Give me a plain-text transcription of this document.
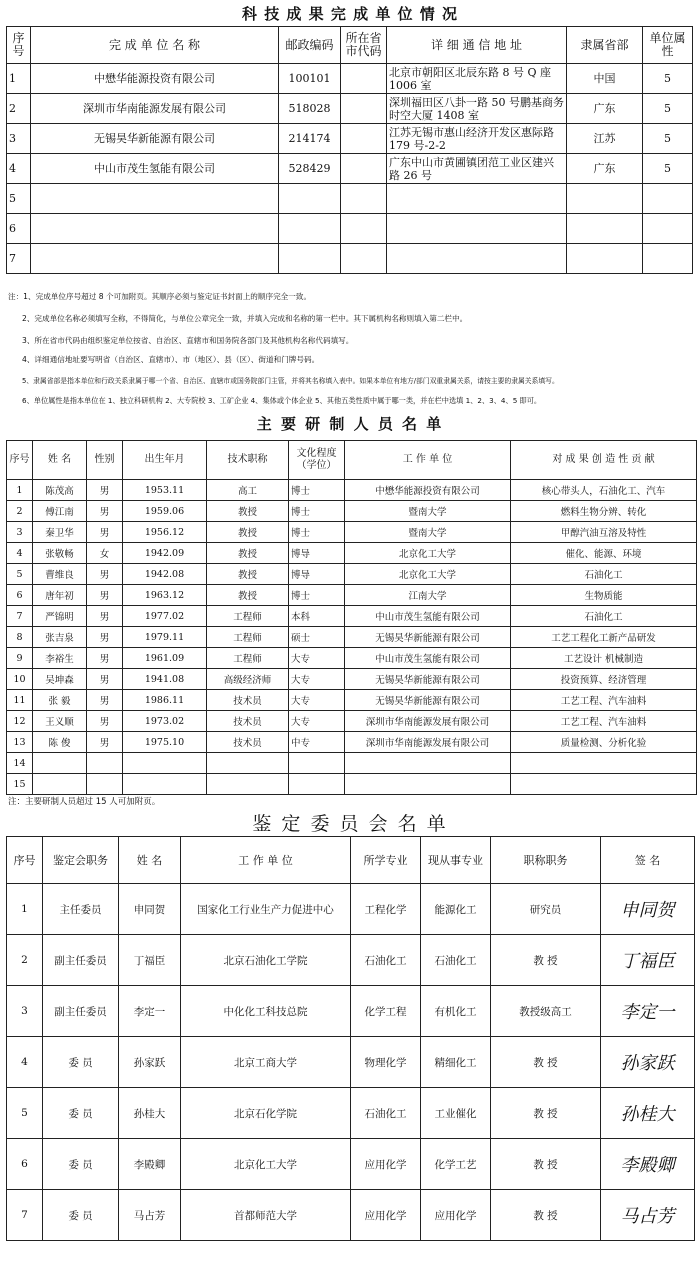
科 技 成 果 完 成 单 位 情 况
序号	完 成 单 位 名 称	邮政编码	所在省市代码	详 细 通 信 地 址	隶属省部	单位属性
1	中懋华能源投资有限公司	100101		北京市朝阳区北辰东路 8 号 Q 座 1006 室	中国	5
2	深圳市华南能源发展有限公司	518028		深圳福田区八卦一路 50 号鹏基商务时空大厦 1408 室	广东	5
3	无锡昊华新能源有限公司	214174		江苏无锡市惠山经济开发区惠际路 179 号-2-2	江苏	5
4	中山市茂生氢能有限公司	528429		广东中山市黄圃镇团范工业区建兴路 26 号	广东	5
5						
6						
7						
注：1、完成单位序号超过 8 个可加附页。其顺序必须与鉴定证书封面上的顺序完全一致。
2、完成单位名称必须填写全称，不得简化，与单位公章完全一致，并填入完成和名称的第一栏中。其下属机构名称则填入第二栏中。
3、所在省市代码由组织鉴定单位按省、自治区、直辖市和国务院各部门及其他机构名称代码填写。
4、详细通信地址要写明省（自治区、直辖市）、市（地区）、县（区）、街道和门牌号码。
5、隶属省部是指本单位和行政关系隶属于哪一个省、自治区、直辖市或国务院部门主管，并将其名称填入表中。如果本单位有地方/部门双重隶属关系，请按主要的隶属关系填写。
6、单位属性是指本单位在 1、独立科研机构 2、大专院校 3、工矿企业 4、集体或个体企业 5、其他五类性质中属于哪一类，并在栏中选填 1、2、3、4、5 即可。
主 要 研 制 人 员 名 单
序号	姓 名	性别	出生年月	技术职称	文化程度（学位）	工 作 单 位	对 成 果 创 造 性 贡 献
1	陈茂高	男	1953.11	高工	博士	中懋华能源投资有限公司	核心带头人，石油化工、汽车
2	傅江南	男	1959.06	教授	博士	暨南大学	燃料生物分辨、转化
3	秦卫华	男	1956.12	教授	博士	暨南大学	甲醇汽油互溶及特性
4	张敬畅	女	1942.09	教授	博导	北京化工大学	催化、能源、环境
5	曹维良	男	1942.08	教授	博导	北京化工大学	石油化工
6	唐年初	男	1963.12	教授	博士	江南大学	生物质能
7	严锦明	男	1977.02	工程师	本科	中山市茂生氢能有限公司	石油化工
8	张吉泉	男	1979.11	工程师	硕士	无锡昊华新能源有限公司	工艺工程化工新产品研发
9	李裕生	男	1961.09	工程师	大专	中山市茂生氢能有限公司	工艺设计 机械制造
10	吴坤森	男	1941.08	高级经济师	大专	无锡昊华新能源有限公司	投资预算、经济管理
11	张 毅	男	1986.11	技术员	大专	无锡昊华新能源有限公司	工艺工程、汽车油料
12	王义顺	男	1973.02	技术员	大专	深圳市华南能源发展有限公司	工艺工程、汽车油料
13	陈 俊	男	1975.10	技术员	中专	深圳市华南能源发展有限公司	质量检测、分析化验
14							
15							
注：主要研制人员超过 15 人可加附页。
鉴 定 委 员 会 名 单
序号	鉴定会职务	姓 名	工 作 单 位	所学专业	现从事专业	职称职务	签 名
1	主任委员	申同贺	国家化工行业生产力促进中心	工程化学	能源化工	研究员	申同贺
2	副主任委员	丁福臣	北京石油化工学院	石油化工	石油化工	教 授	丁福臣
3	副主任委员	李定一	中化化工科技总院	化学工程	有机化工	教授级高工	李定一
4	委 员	孙家跃	北京工商大学	物理化学	精细化工	教 授	孙家跃
5	委 员	孙桂大	北京石化学院	石油化工	工业催化	教 授	孙桂大
6	委 员	李殿卿	北京化工大学	应用化学	化学工艺	教 授	李殿卿
7	委 员	马占芳	首都师范大学	应用化学	应用化学	教 授	马占芳
